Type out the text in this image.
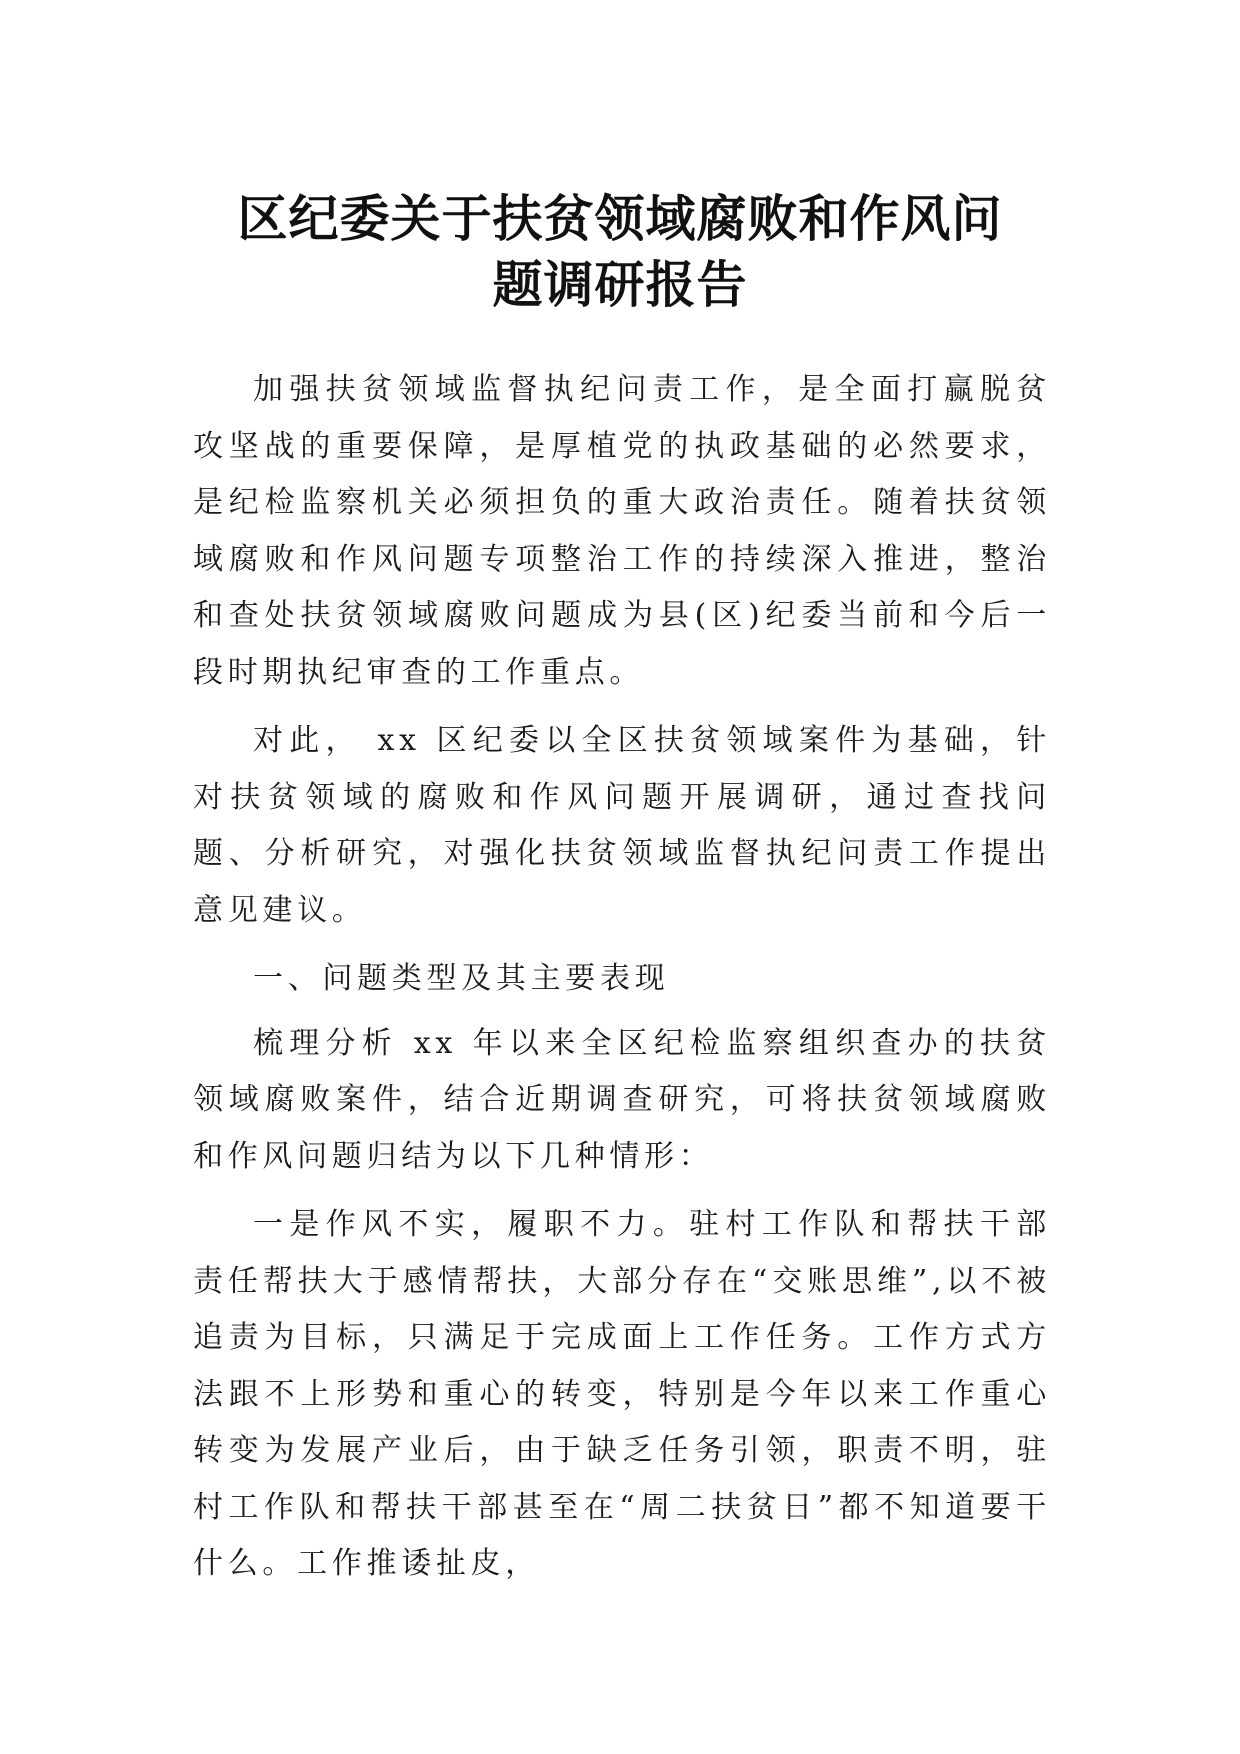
区纪委关于扶贫领域腐败和作风问
题调研报告

加强扶贫领域监督执纪问责工作，是全面打赢脱贫攻坚战的重要保障，是厚植党的执政基础的必然要求，是纪检监察机关必须担负的重大政治责任。随着扶贫领域腐败和作风问题专项整治工作的持续深入推进，整治和查处扶贫领域腐败问题成为县(区)纪委当前和今后一段时期执纪审查的工作重点。

对此， xx 区纪委以全区扶贫领域案件为基础，针对扶贫领域的腐败和作风问题开展调研，通过查找问题、分析研究，对强化扶贫领域监督执纪问责工作提出意见建议。

一、问题类型及其主要表现

梳理分析 xx 年以来全区纪检监察组织查办的扶贫领域腐败案件，结合近期调查研究，可将扶贫领域腐败和作风问题归结为以下几种情形：

一是作风不实，履职不力。驻村工作队和帮扶干部责任帮扶大于感情帮扶，大部分存在“交账思维”,以不被追责为目标，只满足于完成面上工作任务。工作方式方法跟不上形势和重心的转变，特别是今年以来工作重心转变为发展产业后，由于缺乏任务引领，职责不明，驻村工作队和帮扶干部甚至在“周二扶贫日”都不知道要干什么。工作推诿扯皮，
